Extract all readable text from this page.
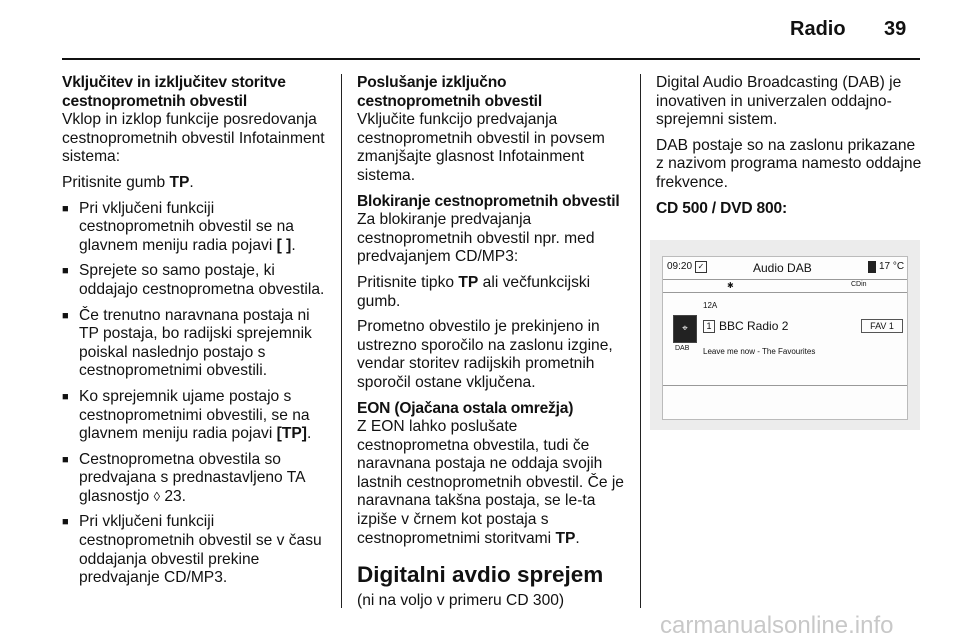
Radio 39

Vključitev in izključitev storitve cestnoprometnih obvestil

Vklop in izklop funkcije posredovanja cestnoprometnih obvestil Infotainment sistema:

Pritisnite gumb TP.

■ Pri vključeni funkciji cestnoprometnih obvestil se na glavnem meniju radia pojavi [ ].
■ Sprejete so samo postaje, ki oddajajo cestnoprometna obvestila.
■ Če trenutno naravnana postaja ni TP postaja, bo radijski sprejemnik poiskal naslednjo postajo s cestnoprometnimi obvestili.
■ Ko sprejemnik ujame postajo s cestnoprometnimi obvestili, se na glavnem meniju radia pojavi [TP].
■ Cestnoprometna obvestila so predvajana s prednastavljeno TA glasnostjo ◊ 23.
■ Pri vključeni funkciji cestnoprometnih obvestil se v času oddajanja obvestil prekine predvajanje CD/MP3.

Poslušanje izključno cestnoprometnih obvestil

Vključite funkcijo predvajanja cestnoprometnih obvestil in povsem zmanjšajte glasnost Infotainment sistema.

Blokiranje cestnoprometnih obvestil

Za blokiranje predvajanja cestnoprometnih obvestil npr. med predvajanjem CD/MP3:

Pritisnite tipko TP ali večfunkcijski gumb.

Prometno obvestilo je prekinjeno in ustrezno sporočilo na zaslonu izgine, vendar storitev radijskih prometnih sporočil ostane vključena.

EON (Ojačana ostala omrežja)

Z EON lahko poslušate cestnoprometna obvestila, tudi če naravnana postaja ne oddaja svojih lastnih cestnoprometnih obvestil. Če je naravnana takšna postaja, se le-ta izpiše v črnem kot postaja s cestnoprometnimi storitvami TP.

Digitalni avdio sprejem

(ni na voljo v primeru CD 300)

Digital Audio Broadcasting (DAB) je inovativen in univerzalen oddajno-sprejemni sistem.

DAB postaje so na zaslonu prikazane z nazivom programa namesto oddajne frekvence.

CD 500 / DVD 800:

09:20 ✓	Audio DAB	17 °C
✱	CDin
12A
⌖
DAB
1 BBC Radio 2	FAV 1
Leave me now - The Favourites
carmanualsonline.info
